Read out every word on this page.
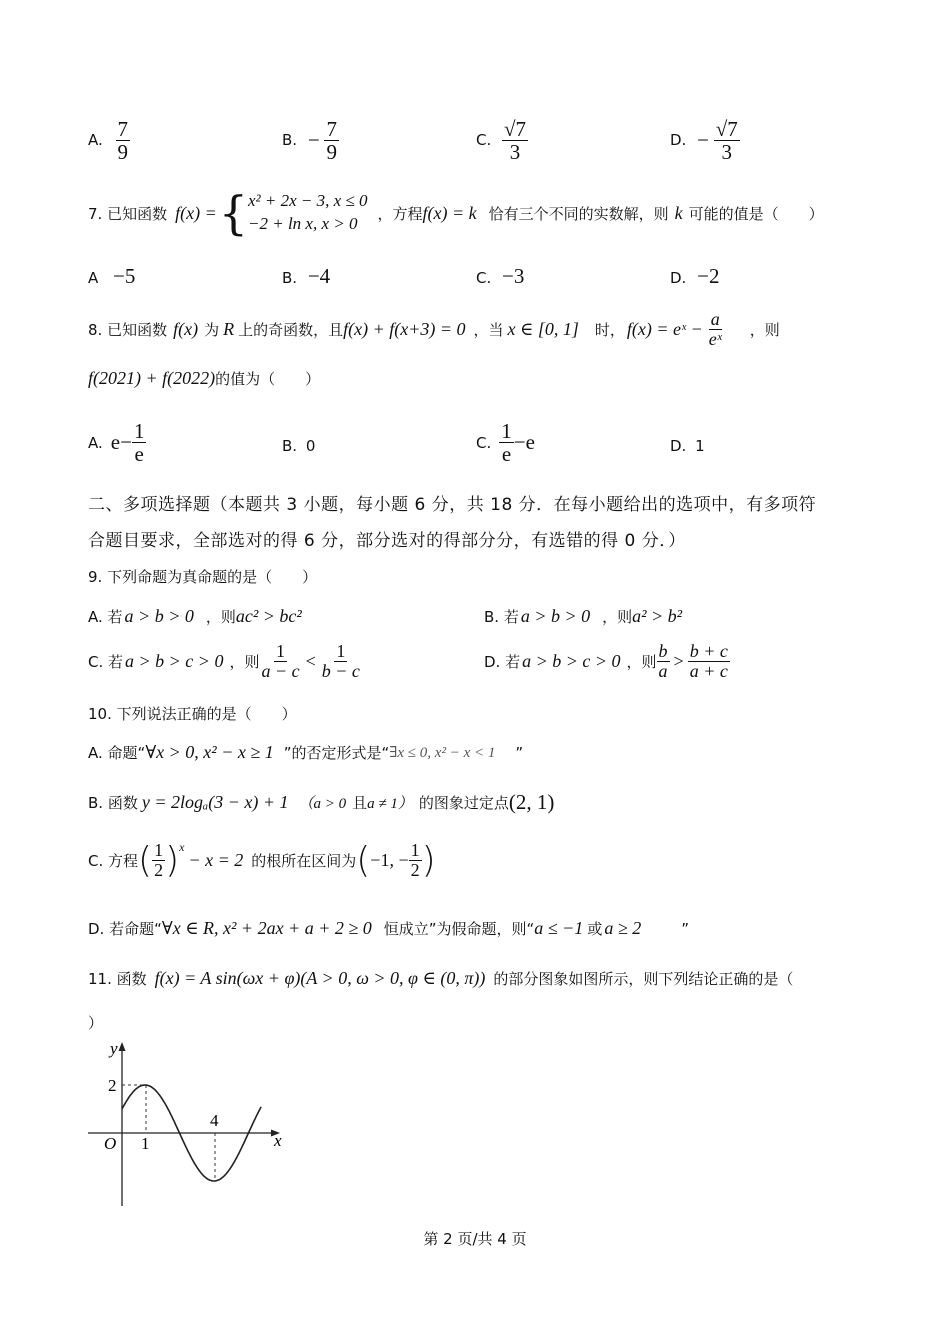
A. $\frac{7}{9}$	B. − $\frac{7}{9}$	C. $\frac{√7}{3}$	D. − $\frac{√7}{3}$
7. 已知函数 f(x) = { x² + 2x − 3, x ≤ 0
−2 + ln x, x > 0
，方程 f(x) = k 恰有三个不同的实数解，则 k 可能的值是（　　）
A −5	B. −4	C. −3	D. −2
8. 已知函数 f(x) 为 R 上的奇函数，且 f(x) + f(x+3) = 0 ，当 x ∈ [0, 1] 时， f(x) = eˣ − $\frac{a}{\text{eˣ}}$ ，则
f(2021) + f(2022) 的值为（　　）
A. $e- \frac{1}{e}$	B. 0	C. $\frac{1}{e} -e$	D. 1
二、多项选择题（本题共 3 小题，每小题 6 分，共 18 分．在每小题给出的选项中，有多项符
合题目要求，全部选对的得 6 分，部分选对的得部分分，有选错的得 0 分．）
9. 下列命题为真命题的是（　　）
A. 若 a > b > 0 ，则 ac² > bc²	B. 若 a > b > 0 ，则 a² > b²
C. 若 a > b > c > 0 ，则 $\frac{1}{a - c} < \frac{1}{b - c}$	D. 若 a > b > c > 0 ，则 $\frac{b}{a} > \frac{b + c}{a + c}$
10. 下列说法正确的是（　　）
A. 命题“ ∀x > 0, x² − x ≥ 1 ”的否定形式是“ ∃x ≤ 0, x² − x < 1 ”
B. 函数 y = 2logₐ(3 − x) + 1 （a > 0 且 a ≠ 1） 的图象过定点 (2, 1)
C. 方程 ( $\frac{1}{2} )^x$
− x = 2 的根所在区间为 ( −1, − $\frac{1}{2}$ )
D. 若命题“ ∀x ∈ R, x² + 2ax + a + 2 ≥ 0 恒成立”为假命题，则“ a ≤ −1 或 a ≥ 2	”
11. 函数 f(x) = A sin(ωx + φ)(A > 0, ω > 0, φ ∈ (0, π)) 的部分图象如图所示，则下列结论正确的是（
）
y
x
O
2
1
4
第 2 页/共 4 页
